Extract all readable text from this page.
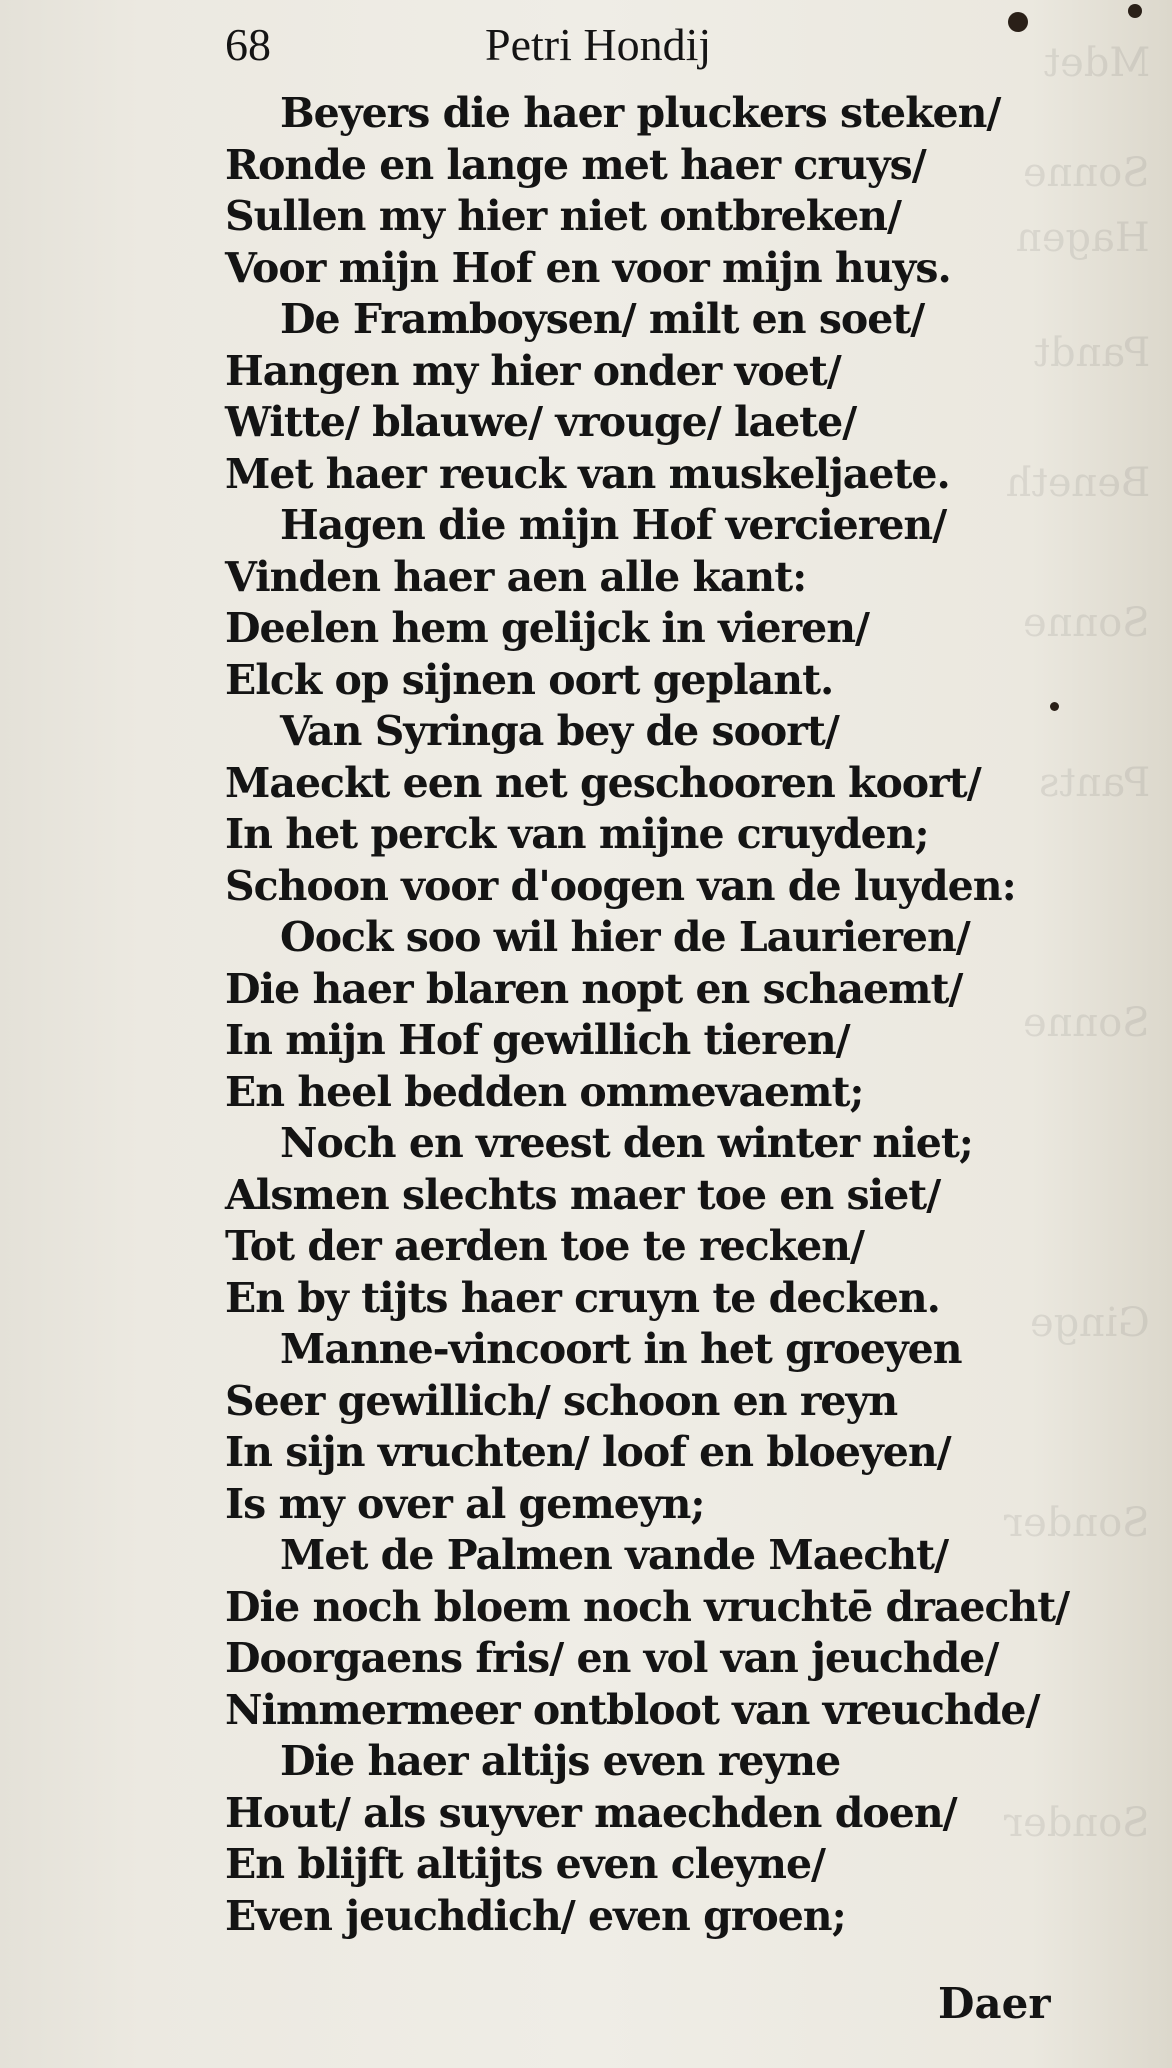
Mdet
Sonne
Hagen
Pandt
Beneth
Sonne
Pants
Sonne
Ginge
Sonder
Sonder
68	Petri Hondij
Beyers die haer pluckers steken/
Ronde en lange met haer cruys/
Sullen my hier niet ontbreken/
Voor mijn Hof en voor mijn huys.
De Framboysen/ milt en soet/
Hangen my hier onder voet/
Witte/ blauwe/ vrouge/ laete/
Met haer reuck van muskeljaete.
Hagen die mijn Hof vercieren/
Vinden haer aen alle kant:
Deelen hem gelijck in vieren/
Elck op sijnen oort geplant.
Van Syringa bey de soort/
Maeckt een net geschooren koort/
In het perck van mijne cruyden;
Schoon voor d'oogen van de luyden:
Oock soo wil hier de Laurieren/
Die haer blaren nopt en schaemt/
In mijn Hof gewillich tieren/
En heel bedden ommevaemt;
Noch en vreest den winter niet;
Alsmen slechts maer toe en siet/
Tot der aerden toe te recken/
En by tijts haer cruyn te decken.
Manne-vincoort in het groeyen
Seer gewillich/ schoon en reyn
In sijn vruchten/ loof en bloeyen/
Is my over al gemeyn;
Met de Palmen vande Maecht/
Die noch bloem noch vruchtē draecht/
Doorgaens fris/ en vol van jeuchde/
Nimmermeer ontbloot van vreuchde/
Die haer altijs even reyne
Hout/ als suyver maechden doen/
En blijft altijts even cleyne/
Even jeuchdich/ even groen;
Daer
